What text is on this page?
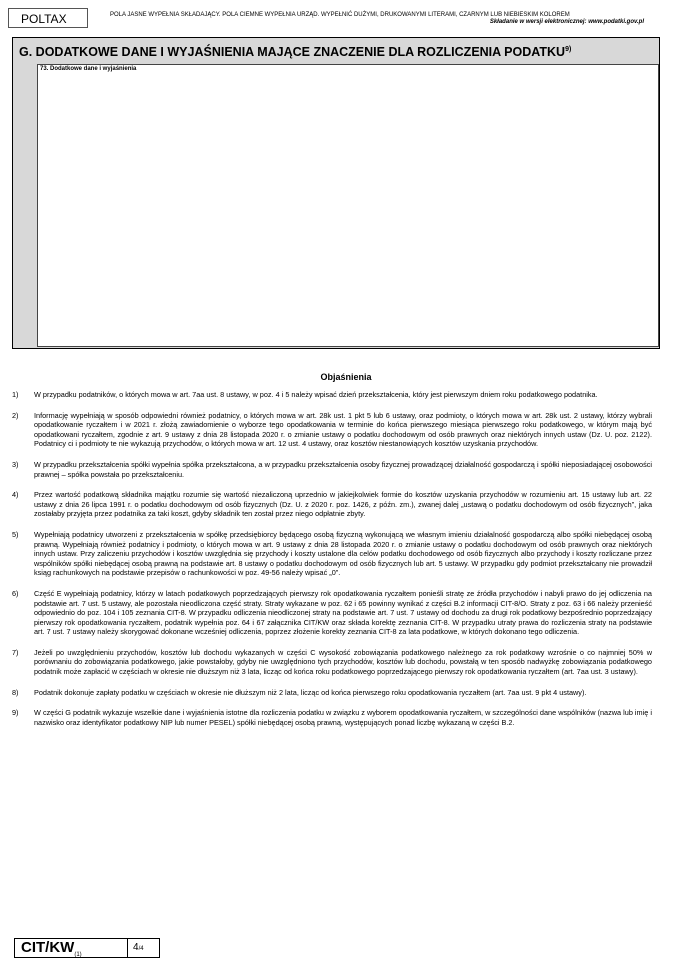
POLTAX	POLA JASNE WYPEŁNIA SKŁADAJĄCY. POLA CIEMNE WYPEŁNIA URZĄD. WYPEŁNIĆ DUŻYMI, DRUKOWANYMI LITERAMI, CZARNYM LUB NIEBIESKIM KOLOREM
Składanie w wersji elektronicznej: www.podatki.gov.pl
G. DODATKOWE DANE I WYJAŚNIENIA MAJĄCE ZNACZENIE DLA ROZLICZENIA PODATKU$^{9)}$
73. Dodatkowe dane i wyjaśnienia
Objaśnienia
1) W przypadku podatników, o których mowa w art. 7aa ust. 8 ustawy, w poz. 4 i 5 należy wpisać dzień przekształcenia, który jest pierwszym dniem roku podatkowego podatnika.
2) Informację wypełniają w sposób odpowiedni również podatnicy, o których mowa w art. 28k ust. 1 pkt 5 lub 6 ustawy, oraz podmioty, o których mowa w art. 28k ust. 2 ustawy, którzy wybrali opodatkowanie ryczałtem i w 2021 r. złożą zawiadomienie o wyborze tego opodatkowania w terminie do końca pierwszego miesiąca pierwszego roku podatkowego, w którym mają być opodatkowani ryczałtem, zgodnie z art. 9 ustawy z dnia 28 listopada 2020 r. o zmianie ustawy o podatku dochodowym od osób prawnych oraz niektórych innych ustaw (Dz. U. poz. 2122). Podatnicy ci i podmioty te nie wykazują przychodów, o których mowa w art. 12 ust. 4 ustawy, oraz kosztów niestanowiących kosztów uzyskania przychodów.
3) W przypadku przekształcenia spółki wypełnia spółka przekształcona, a w przypadku przekształcenia osoby fizycznej prowadzącej działalność gospodarczą i spółki nieposiadającej osobowości prawnej – spółka powstała po przekształceniu.
4) Przez wartość podatkową składnika majątku rozumie się wartość niezaliczoną uprzednio w jakiejkolwiek formie do kosztów uzyskania przychodów w rozumieniu art. 15 ustawy lub art. 22 ustawy z dnia 26 lipca 1991 r. o podatku dochodowym od osób fizycznych (Dz. U. z 2020 r. poz. 1426, z późn. zm.), zwanej dalej „ustawą o podatku dochodowym od osób fizycznych”, jaka zostałaby przyjęta przez podatnika za taki koszt, gdyby składnik ten został przez niego odpłatnie zbyty.
5) Wypełniają podatnicy utworzeni z przekształcenia w spółkę przedsiębiorcy będącego osobą fizyczną wykonującą we własnym imieniu działalność gospodarczą albo spółki niebędącej osobą prawną. Wypełniają również podatnicy i podmioty, o których mowa w art. 9 ustawy z dnia 28 listopada 2020 r. o zmianie ustawy o podatku dochodowym od osób prawnych oraz niektórych innych ustaw. Przy zaliczeniu przychodów i kosztów uwzględnia się przychody i koszty ustalone dla celów podatku dochodowego od osób fizycznych albo przychody i koszty rozliczane przez wspólników spółki niebędącej osobą prawną na podstawie art. 8 ustawy o podatku dochodowym od osób fizycznych lub art. 5 ustawy. W przypadku gdy podmiot przekształcany nie prowadził ksiąg rachunkowych na podstawie przepisów o rachunkowości w poz. 49-56 należy wpisać „0”.
6) Część E wypełniają podatnicy, którzy w latach podatkowych poprzedzających pierwszy rok opodatkowania ryczałtem ponieśli stratę ze źródła przychodów i nabyli prawo do jej odliczenia na podstawie art. 7 ust. 5 ustawy, ale pozostała nieodliczona część straty. Straty wykazane w poz. 62 i 65 powinny wynikać z części B.2 informacji CIT-8/O. Straty z poz. 63 i 66 należy przenieść odpowiednio do poz. 104 i 105 zeznania CIT-8. W przypadku odliczenia nieodliczonej straty na podstawie art. 7 ust. 7 ustawy od dochodu za drugi rok podatkowy bezpośrednio poprzedzający pierwszy rok opodatkowania ryczałtem, podatnik wypełnia poz. 64 i 67 załącznika CIT/KW oraz składa korektę zeznania CIT-8. W przypadku utraty prawa do rozliczenia straty na podstawie art. 7 ust. 7 ustawy należy skorygować dokonane wcześniej odliczenia, poprzez złożenie korekty zeznania CIT-8 za lata podatkowe, w których dokonano tego odliczenia.
7) Jeżeli po uwzględnieniu przychodów, kosztów lub dochodu wykazanych w części C wysokość zobowiązania podatkowego należnego za rok podatkowy wzrośnie o co najmniej 50% w porównaniu do zobowiązania podatkowego, jakie powstałoby, gdyby nie uwzględniono tych przychodów, kosztów lub dochodu, powstałą w ten sposób nadwyżkę zobowiązania podatkowego podatnik może zapłacić w częściach w okresie nie dłuższym niż 3 lata, licząc od końca roku podatkowego poprzedzającego pierwszy rok opodatkowania ryczałtem (art. 7aa ust. 3 ustawy).
8) Podatnik dokonuje zapłaty podatku w częściach w okresie nie dłuższym niż 2 lata, licząc od końca pierwszego roku opodatkowania ryczałtem (art. 7aa ust. 9 pkt 4 ustawy).
9) W części G podatnik wykazuje wszelkie dane i wyjaśnienia istotne dla rozliczenia podatku w związku z wyborem opodatkowania ryczałtem, w szczególności dane wspólników (nazwa lub imię i nazwisko oraz identyfikator podatkowy NIP lub numer PESEL) spółki niebędącej osobą prawną, występujących ponad liczbę wykazaną w części B.2.
CIT/$KW_{(1)}$
4/4
